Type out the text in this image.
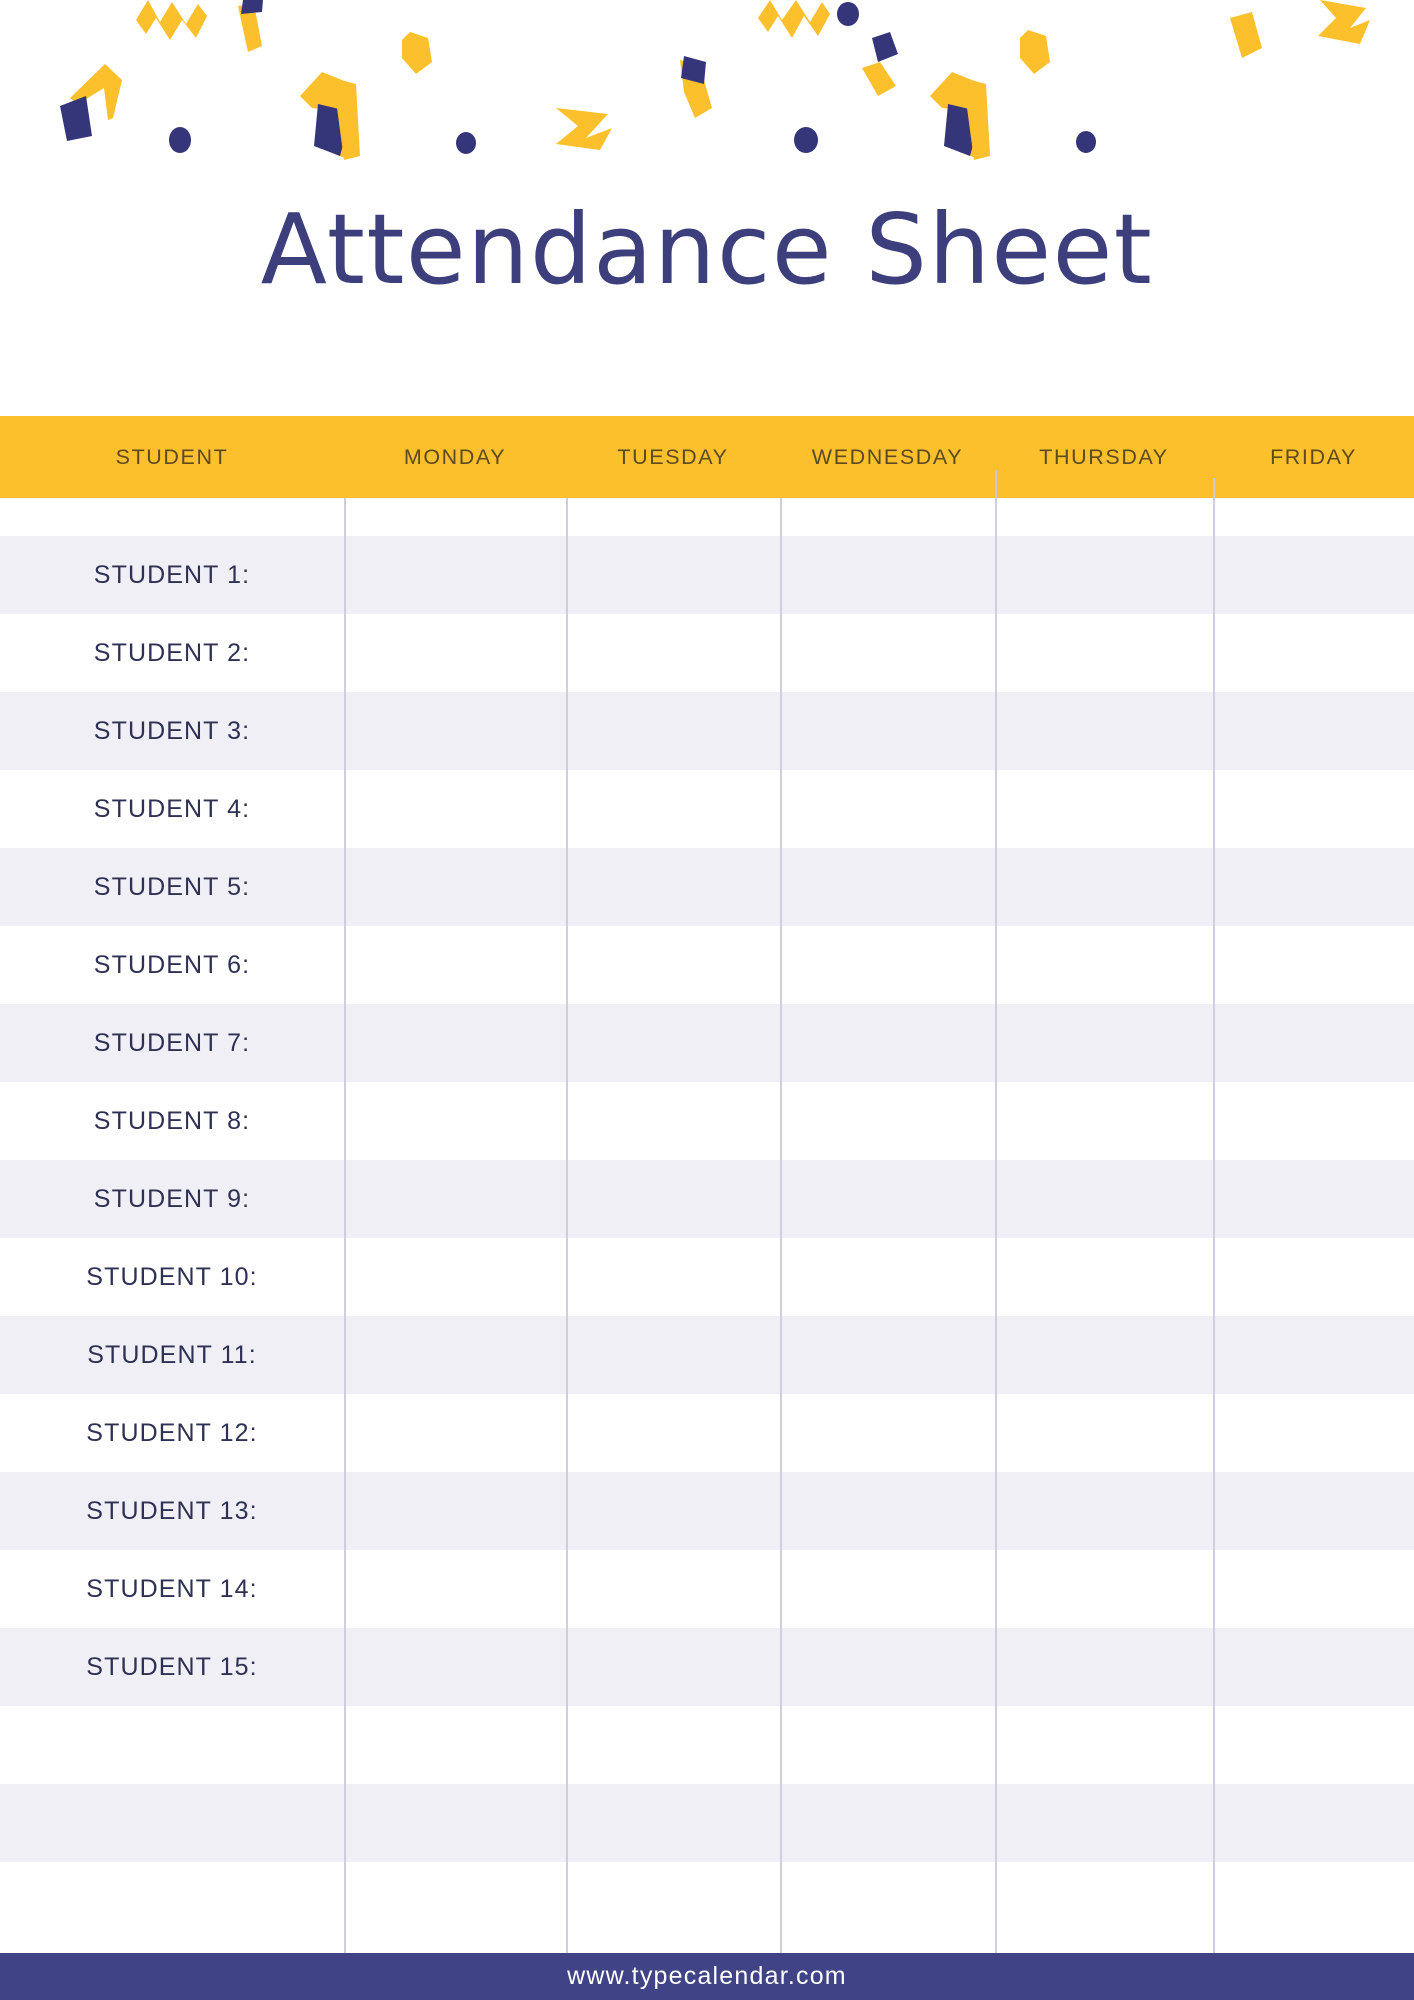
Attendance Sheet
STUDENT	MONDAY	TUESDAY	WEDNESDAY	THURSDAY	FRIDAY
STUDENT 1:
STUDENT 2:
STUDENT 3:
STUDENT 4:
STUDENT 5:
STUDENT 6:
STUDENT 7:
STUDENT 8:
STUDENT 9:
STUDENT 10:
STUDENT 11:
STUDENT 12:
STUDENT 13:
STUDENT 14:
STUDENT 15:
www.typecalendar.com
